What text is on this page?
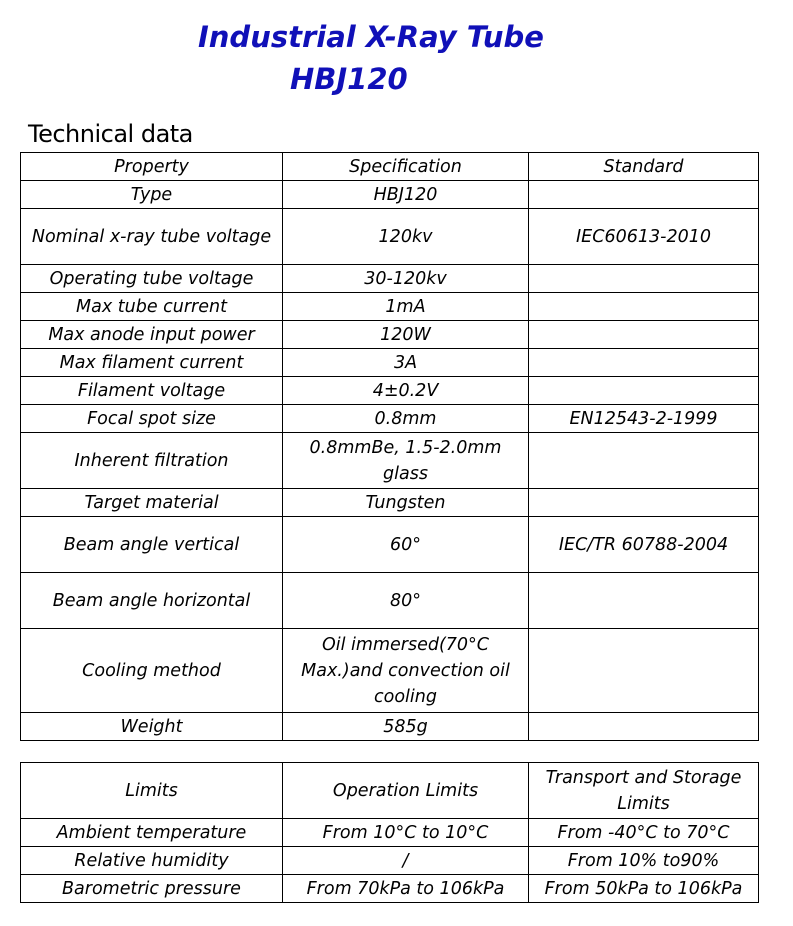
Industrial X-Ray Tube
HBJ120
Technical data
Property	Specification	Standard
Type	HBJ120	
Nominal x-ray tube voltage	120kv	IEC60613-2010
Operating tube voltage	30-120kv	
Max tube current	1mA	
Max anode input power	120W	
Max filament current	3A	
Filament voltage	4±0.2V	
Focal spot size	0.8mm	EN12543-2-1999
Inherent filtration	0.8mmBe, 1.5-2.0mm glass	
Target material	Tungsten	
Beam angle vertical	60°	IEC/TR 60788-2004
Beam angle horizontal	80°	
Cooling method	Oil immersed(70°C Max.)and convection oil cooling	
Weight	585g	
Limits	Operation Limits	Transport and Storage Limits
Ambient temperature	From 10°C to 10°C	From -40°C to 70°C
Relative humidity	/	From 10% to90%
Barometric pressure	From 70kPa to 106kPa	From 50kPa to 106kPa
